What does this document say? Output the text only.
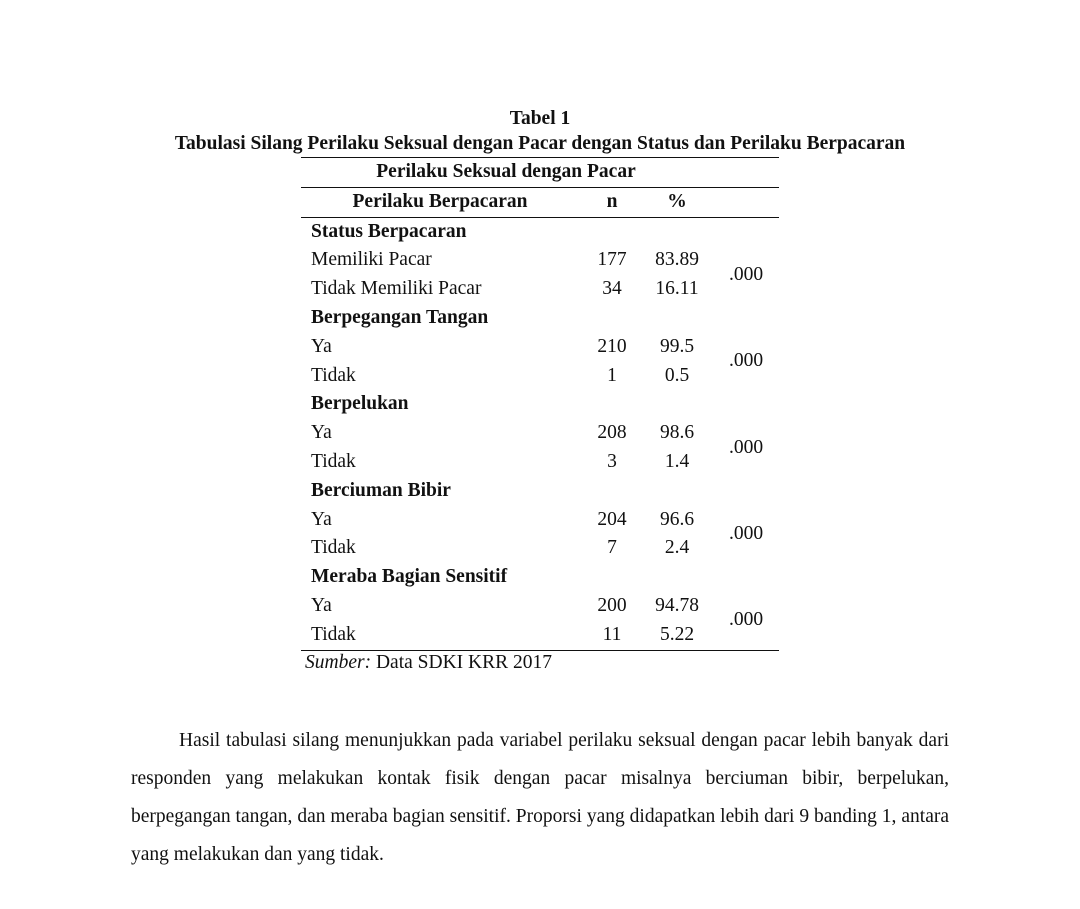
Tabel 1
Tabulasi Silang Perilaku Seksual dengan Pacar dengan Status dan Perilaku Berpacaran
Perilaku Seksual dengan Pacar
Perilaku Berpacaran	n	%
Status Berpacaran
Memiliki Pacar	177	83.89
Tidak Memiliki Pacar	34	16.11
.000
Berpegangan Tangan
Ya	210	99.5
Tidak	1	0.5
.000
Berpelukan
Ya	208	98.6
Tidak	3	1.4
.000
Berciuman Bibir
Ya	204	96.6
Tidak	7	2.4
.000
Meraba Bagian Sensitif
Ya	200	94.78
Tidak	11	5.22
.000
Sumber: Data SDKI KRR 2017

Hasil tabulasi silang menunjukkan pada variabel perilaku seksual dengan pacar lebih banyak dari responden yang melakukan kontak fisik dengan pacar misalnya berciuman bibir, berpelukan, berpegangan tangan, dan meraba bagian sensitif. Proporsi yang didapatkan lebih dari 9 banding 1, antara yang melakukan dan yang tidak.
